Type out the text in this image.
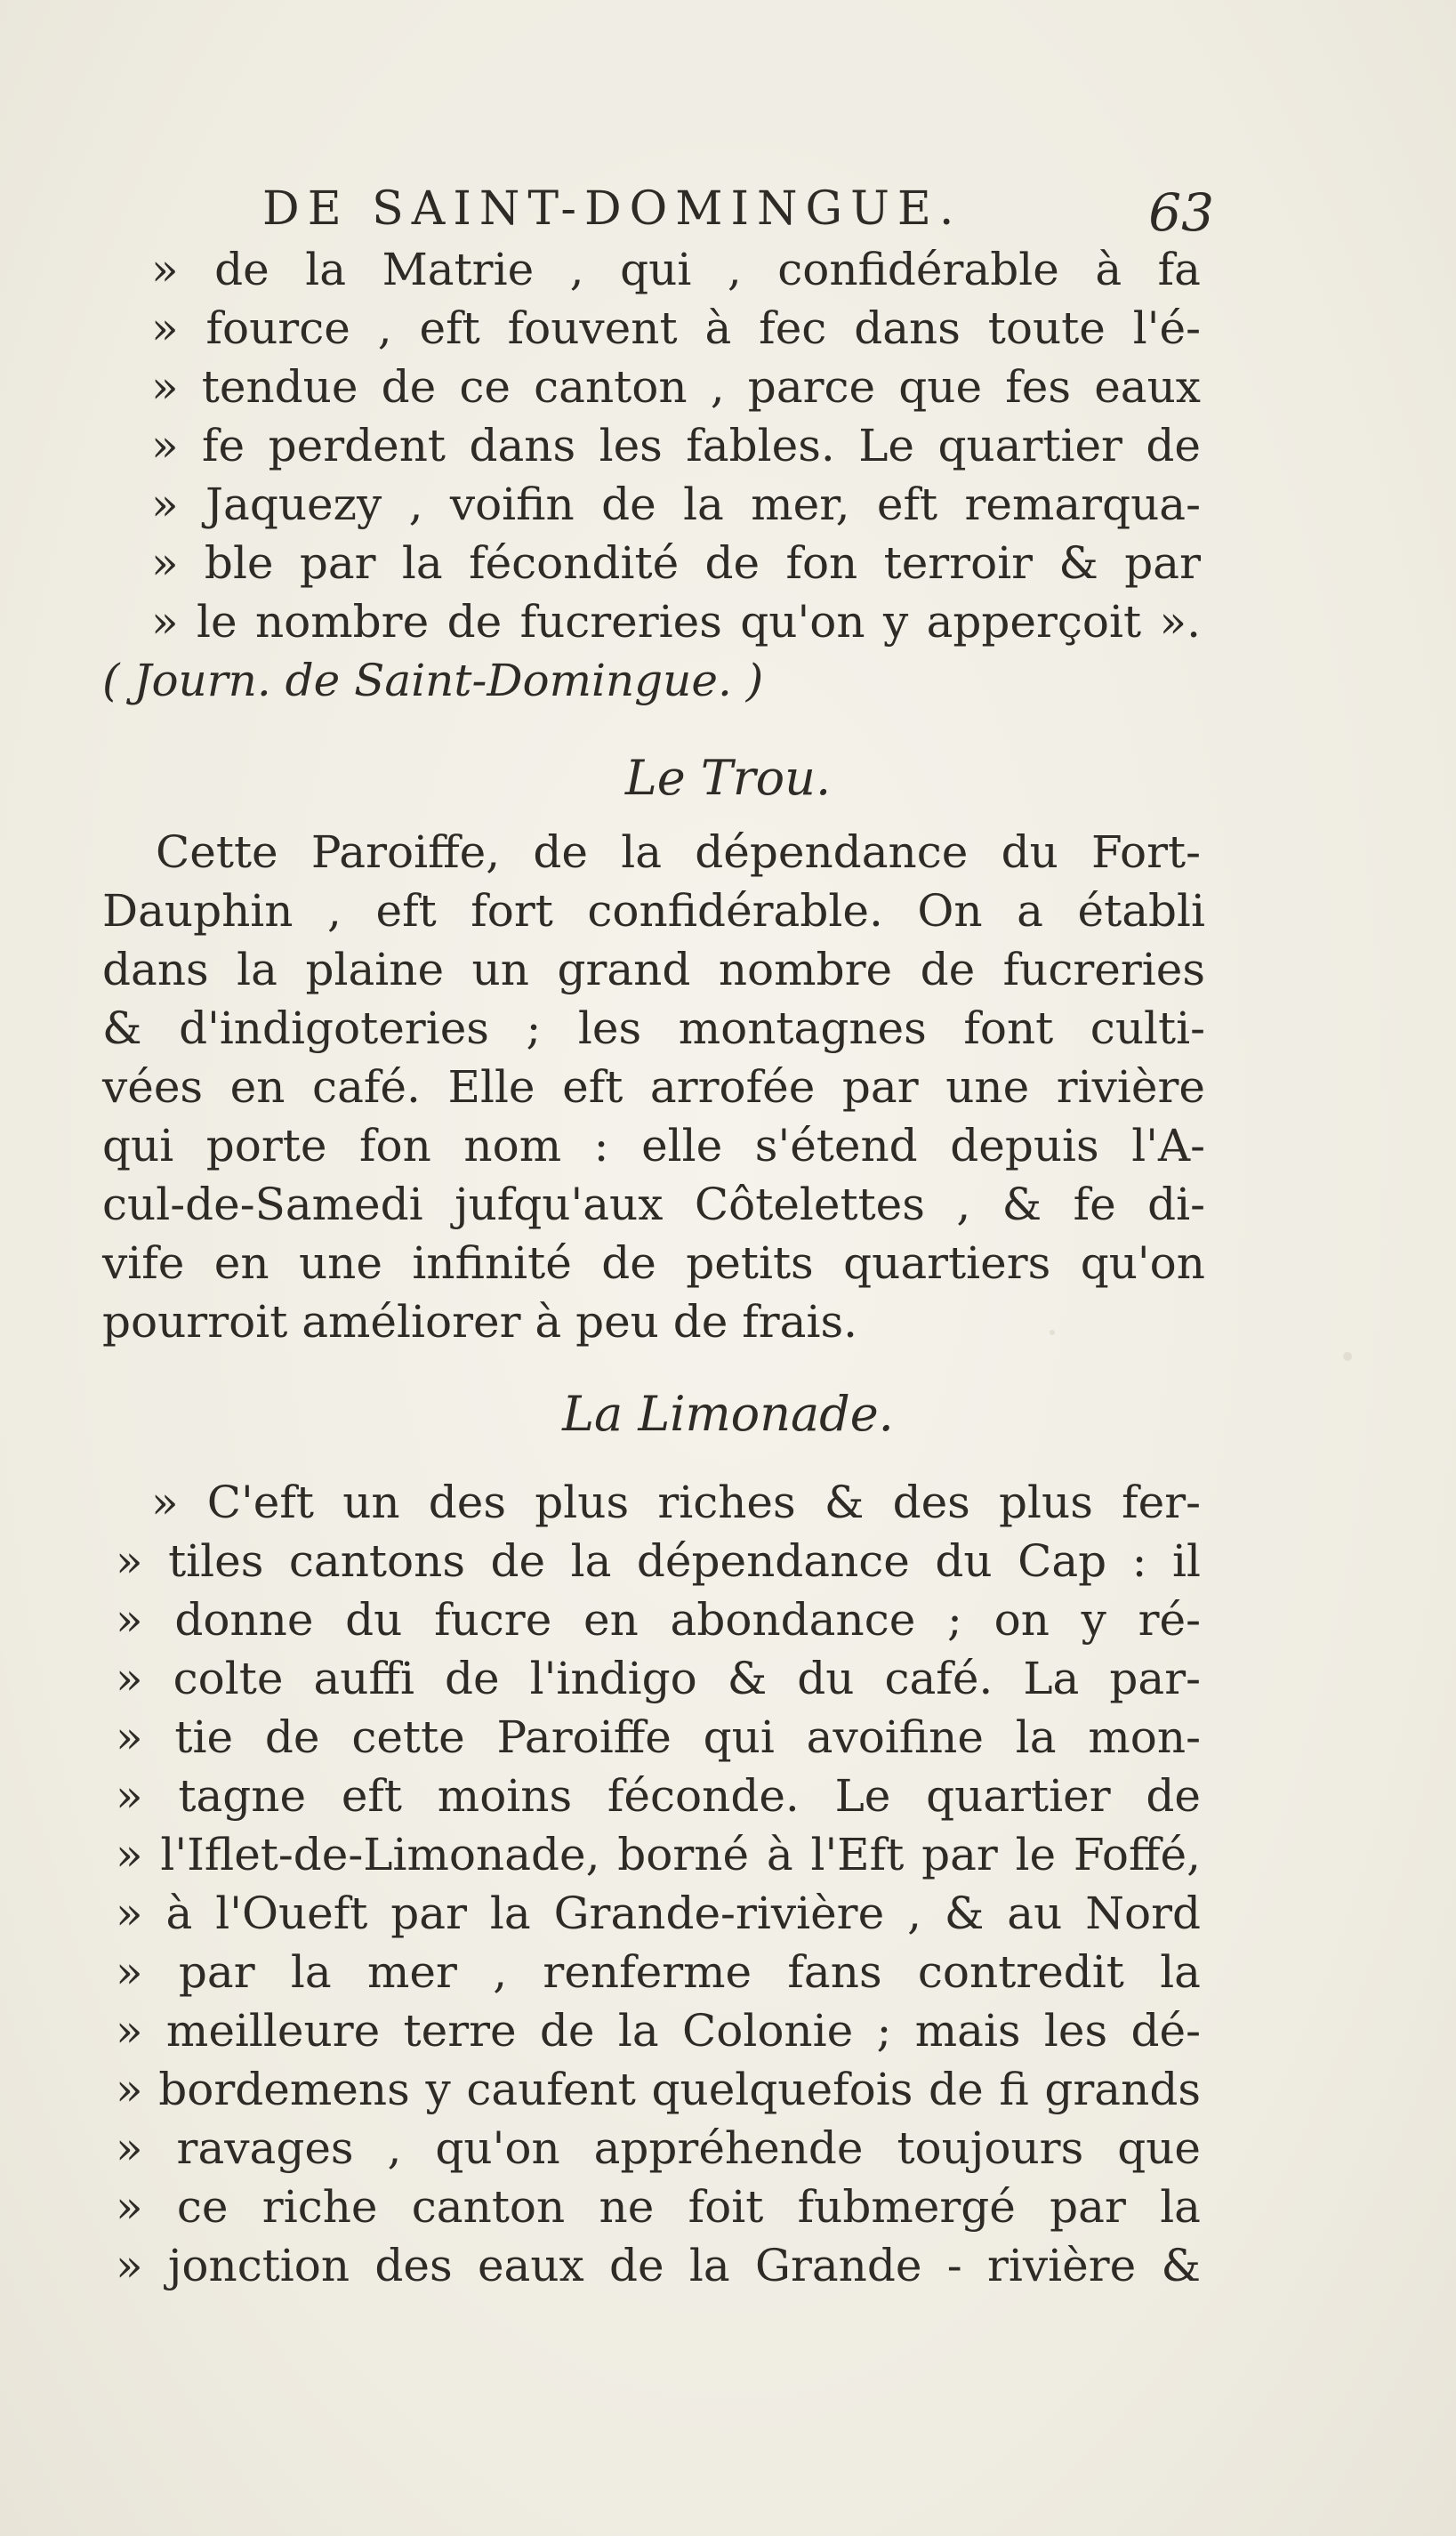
DE SAINT-DOMINGUE.	63
» de la Matrie , qui , confidérable à fa
» fource , eft fouvent à fec dans toute l'é-
» tendue de ce canton , parce que fes eaux
» fe perdent dans les fables. Le quartier de
» Jaquezy , voifin de la mer, eft remarqua-
» ble par la fécondité de fon terroir & par
» le nombre de fucreries qu'on y apperçoit ».
( Journ. de Saint-Domingue. )
Le Trou.
Cette Paroiffe, de la dépendance du Fort-
Dauphin , eft fort confidérable. On a établi
dans la plaine un grand nombre de fucreries
& d'indigoteries ; les montagnes font culti-
vées en café. Elle eft arrofée par une rivière
qui porte fon nom : elle s'étend depuis l'A-
cul-de-Samedi jufqu'aux Côtelettes , & fe di-
vife en une infinité de petits quartiers qu'on
pourroit améliorer à peu de frais.
La Limonade.
» C'eft un des plus riches & des plus fer-
» tiles cantons de la dépendance du Cap : il
» donne du fucre en abondance ; on y ré-
» colte auffi de l'indigo & du café. La par-
» tie de cette Paroiffe qui avoifine la mon-
» tagne eft moins féconde. Le quartier de
» l'Iflet-de-Limonade, borné à l'Eft par le Foffé,
» à l'Oueft par la Grande-rivière , & au Nord
» par la mer , renferme fans contredit la
» meilleure terre de la Colonie ; mais les dé-
» bordemens y caufent quelquefois de fi grands
» ravages , qu'on appréhende toujours que
» ce riche canton ne foit fubmergé par la
» jonction des eaux de la Grande - rivière &
